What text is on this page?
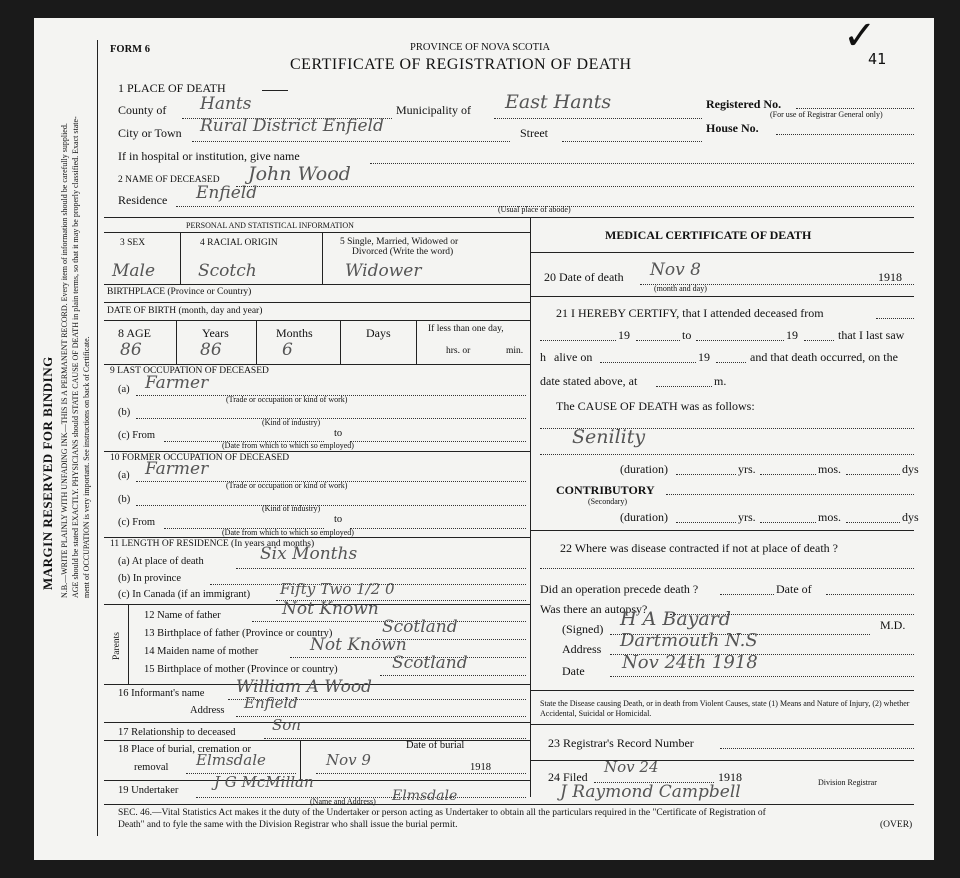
MARGIN RESERVED FOR BINDING N.B.—WRITE PLAINLY WITH UNFADING INK—THIS IS A PERMANENT RECORD. Every item of information should be carefully supplied. AGE should be stated EXACTLY. PHYSICIANS should STATE CAUSE OF DEATH in plain terms, so that it may be properly classified. Exact state- ment of OCCUPATION is very important. See instructions on back of Certificate.
FORM 6	PROVINCE OF NOVA SCOTIA
CERTIFICATE OF REGISTRATION OF DEATH	41
✓
1 PLACE OF DEATH
County of Hants	Municipality of East Hants	Registered No.
(For use of Registrar General only)
City or Town Rural District Enfield	Street	House No.
If in hospital or institution, give name
2 NAME OF DECEASED John Wood
Residence Enfield
(Usual place of abode)
PERSONAL AND STATISTICAL INFORMATION
3 SEX	4 RACIAL ORIGIN	5 Single, Married, Widowed or
Divorced (Write the word)
Male	Scotch	Widower
BIRTHPLACE (Province or Country)
DATE OF BIRTH (month, day and year)
8 AGE	Years	Months	Days	If less than one day,
hrs. or	min.
86	86	6
9 LAST OCCUPATION OF DECEASED
(a) Farmer
(Trade or occupation or kind of work)
(b)
(Kind of industry)
(c) From	to
(Date from which to which so employed)
10 FORMER OCCUPATION OF DECEASED
(a) Farmer
(Trade or occupation or kind of work)
(b)
(Kind of industry)
(c) From	to
(Date from which to which so employed)
11 LENGTH OF RESIDENCE (In years and months)
(a) At place of death	Six Months
(b) In province
(c) In Canada (if an immigrant) Fifty Two 1/2 0
Parents
12 Name of father	Not Known
13 Birthplace of father (Province or country)	Scotland
14 Maiden name of mother	Not Known
15 Birthplace of mother (Province or country)	Scotland
16 Informant's name William A Wood
Address Enfield
17 Relationship to deceased Son
18 Place of burial, cremation or
removal Elmsdale
Date of burial
Nov 9	1918
19 Undertaker J G McMillan
(Name and Address) Elmsdale
MEDICAL CERTIFICATE OF DEATH
20 Date of death Nov 8	1918
(month and day)
21 I HEREBY CERTIFY, that I attended deceased from
19	to	19	that I last saw
h alive on	19	and that death occurred, on the
date stated above, at	m.
The CAUSE OF DEATH was as follows:
Senility
(duration)	yrs.	mos.	dys
CONTRIBUTORY
(Secondary)
(duration)	yrs.	mos.	dys
22 Where was disease contracted if not at place of death ?
Did an operation precede death ?	Date of
Was there an autopsy?
(Signed) H A Bayard	M.D.
Address Dartmouth N.S
Date Nov 24th 1918
State the Disease causing Death, or in death from Violent Causes, state (1) Means and Nature of Injury, (2) whether Accidental, Suicidal or Homicidal.
23 Registrar's Record Number
24 Filed
Nov 24
1918	Division Registrar
J Raymond Campbell
SEC. 46.—Vital Statistics Act makes it the duty of the Undertaker or person acting as Undertaker to obtain all the particulars required in the "Certificate of Registration of
Death" and to fyle the same with the Division Registrar who shall issue the burial permit.	(OVER)
